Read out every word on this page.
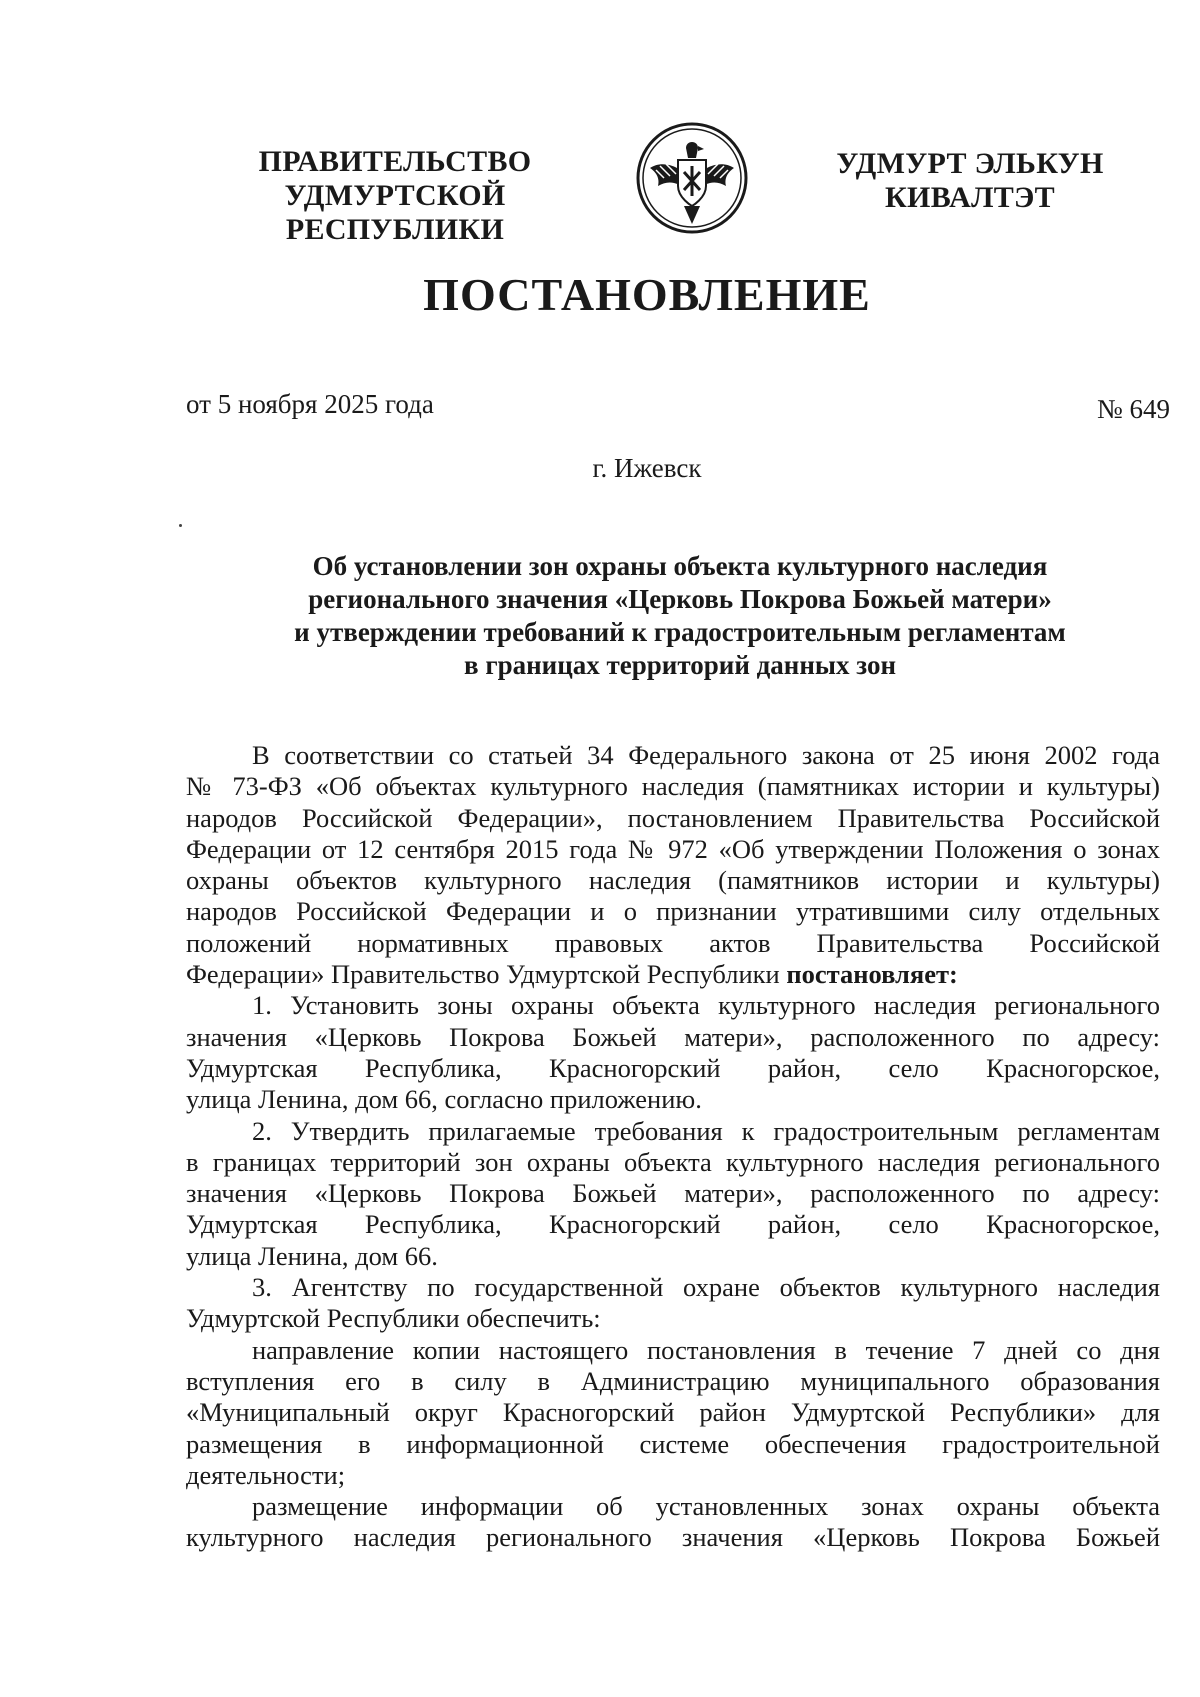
ПРАВИТЕЛЬСТВО
УДМУРТСКОЙ РЕСПУБЛИКИ
УДМУРТ ЭЛЬКУН
КИВАЛТЭТ
ПОСТАНОВЛЕНИЕ
от 5 ноября 2025 года	№ 649
г. Ижевск
Об установлении зон охраны объекта культурного наследия
регионального значения «Церковь Покрова Божьей матери»
и утверждении требований к градостроительным регламентам
в границах территорий данных зон
В соответствии со статьей 34 Федерального закона от 25 июня 2002 года
№ 73-ФЗ «Об объектах культурного наследия (памятниках истории и культуры)
народов Российской Федерации», постановлением Правительства Российской
Федерации от 12 сентября 2015 года № 972 «Об утверждении Положения о зонах
охраны объектов культурного наследия (памятников истории и культуры)
народов Российской Федерации и о признании утратившими силу отдельных
положений нормативных правовых актов Правительства Российской
Федерации» Правительство Удмуртской Республики постановляет:
1. Установить зоны охраны объекта культурного наследия регионального
значения «Церковь Покрова Божьей матери», расположенного по адресу:
Удмуртская Республика, Красногорский район, село Красногорское,
улица Ленина, дом 66, согласно приложению.
2. Утвердить прилагаемые требования к градостроительным регламентам
в границах территорий зон охраны объекта культурного наследия регионального
значения «Церковь Покрова Божьей матери», расположенного по адресу:
Удмуртская Республика, Красногорский район, село Красногорское,
улица Ленина, дом 66.
3. Агентству по государственной охране объектов культурного наследия
Удмуртской Республики обеспечить:
направление копии настоящего постановления в течение 7 дней со дня
вступления его в силу в Администрацию муниципального образования
«Муниципальный округ Красногорский район Удмуртской Республики» для
размещения в информационной системе обеспечения градостроительной
деятельности;
размещение информации об установленных зонах охраны объекта
культурного наследия регионального значения «Церковь Покрова Божьей
